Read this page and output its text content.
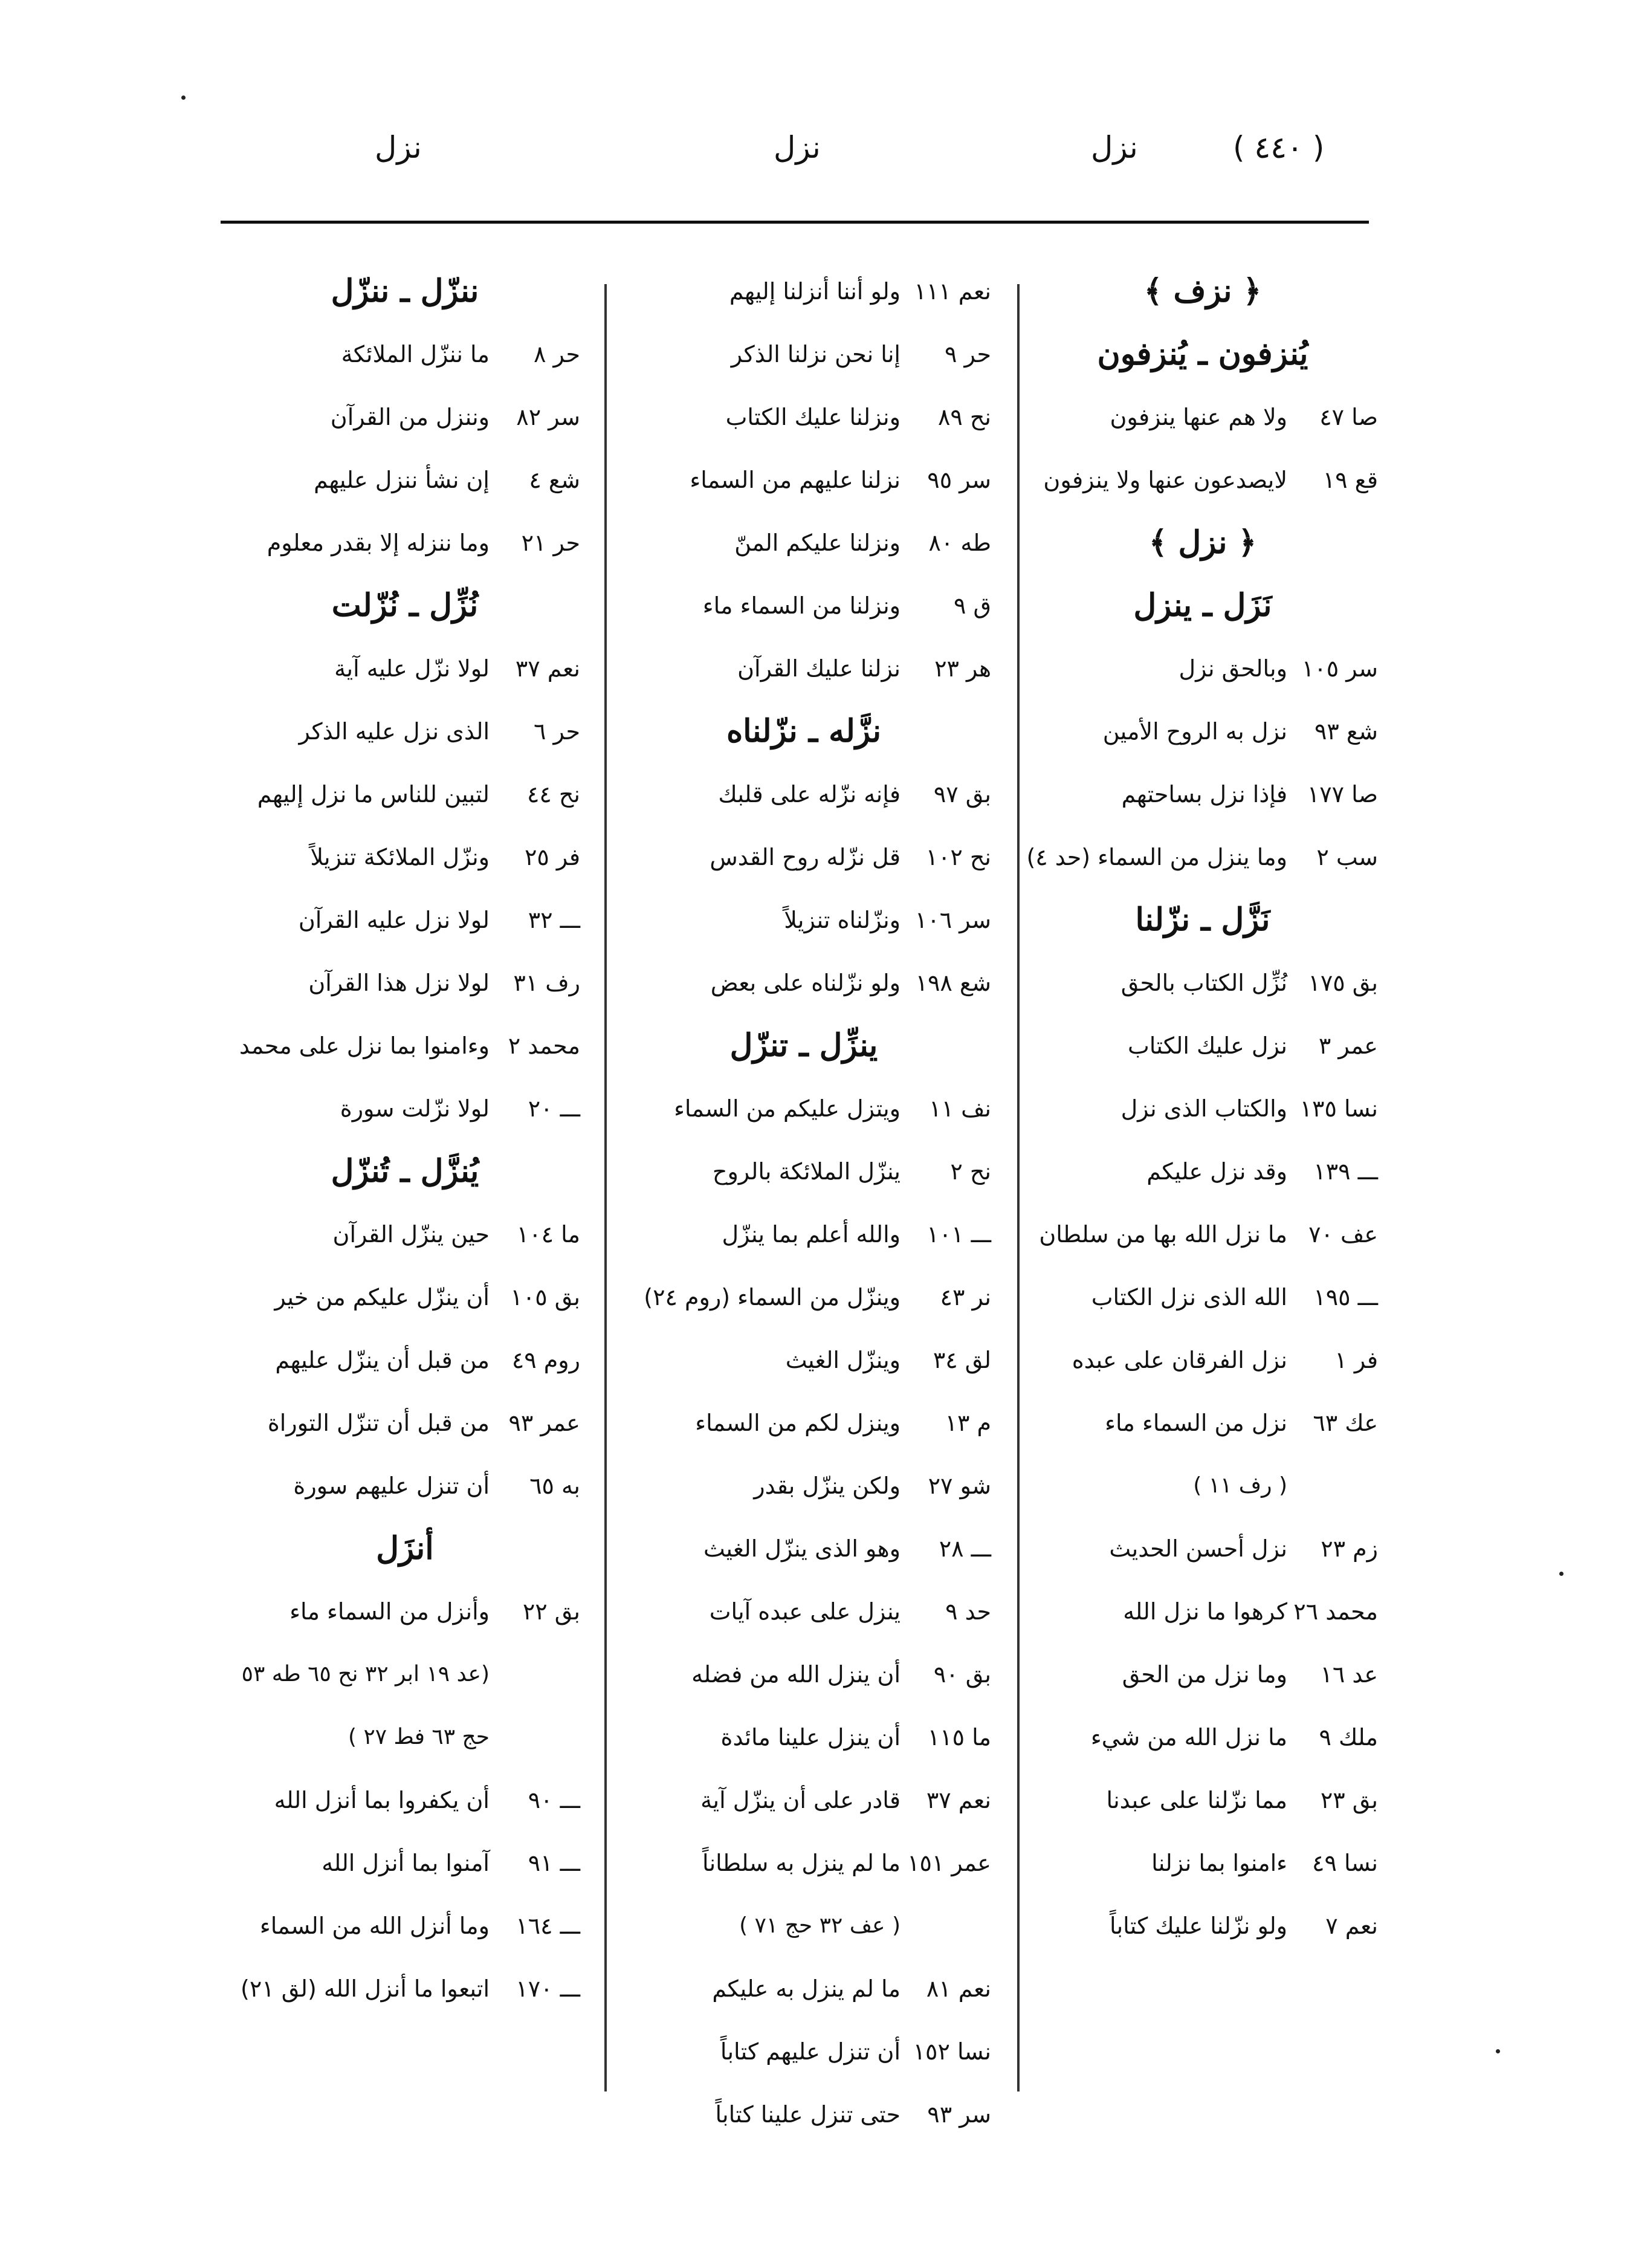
( ٤٤٠ )
نزل
نزل
نزل
﴿ نزف ﴾
يُنزفون ـ يُنزفون
صا ٤٧ولا هم عنها ينزفون
قع ١٩لايصدعون عنها ولا ينزفون
﴿ نزل ﴾
نَزَل ـ ينزل
سر ١٠٥وبالحق نزل
شع ٩٣نزل به الروح الأمين
صا ١٧٧فإذا نزل بساحتهم
سب ٢وما ينزل من السماء (حد ٤)
نَزَّل ـ نزّلنا
بق ١٧٥نُزِّل الكتاب بالحق
عمر ٣نزل عليك الكتاب
نسا ١٣٥والكتاب الذى نزل
ـــ ١٣٩وقد نزل عليكم
عف ٧٠ما نزل الله بها من سلطان
ـــ ١٩٥الله الذى نزل الكتاب
فر ١نزل الفرقان على عبده
عك ٦٣نزل من السماء ماء
( رف ١١ )
زم ٢٣نزل أحسن الحديث
محمد ٢٦كرهوا ما نزل الله
عد ١٦وما نزل من الحق
ملك ٩ما نزل الله من شيء
بق ٢٣مما نزّلنا على عبدنا
نسا ٤٩ءامنوا بما نزلنا
نعم ٧ولو نزّلنا عليك كتاباً
نعم ١١١ولو أننا أنزلنا إليهم
حر ٩إنا نحن نزلنا الذكر
نح ٨٩ونزلنا عليك الكتاب
سر ٩٥نزلنا عليهم من السماء
طه ٨٠ونزلنا عليكم المنّ
ق ٩ونزلنا من السماء ماء
هر ٢٣نزلنا عليك القرآن
نزَّله ـ نزّلناه
بق ٩٧فإنه نزّله على قلبك
نح ١٠٢قل نزّله روح القدس
سر ١٠٦ونزّلناه تنزيلاً
شع ١٩٨ولو نزّلناه على بعض
ينزِّل ـ تنزّل
نف ١١ويتزل عليكم من السماء
نح ٢ينزّل الملائكة بالروح
ـــ ١٠١والله أعلم بما ينزّل
نر ٤٣وينزّل من السماء (روم ٢٤)
لق ٣٤وينزّل الغيث
م ١٣وينزل لكم من السماء
شو ٢٧ولكن ينزّل بقدر
ـــ ٢٨وهو الذى ينزّل الغيث
حد ٩ينزل على عبده آيات
بق ٩٠أن ينزل الله من فضله
ما ١١٥أن ينزل علينا مائدة
نعم ٣٧قادر على أن ينزّل آية
عمر ١٥١ما لم ينزل به سلطاناً
( عف ٣٢ حج ٧١ )
نعم ٨١ما لم ينزل به عليكم
نسا ١٥٢أن تنزل عليهم كتاباً
سر ٩٣حتى تنزل علينا كتاباً
ننزّل ـ ننزّل
حر ٨ما ننزّل الملائكة
سر ٨٢وننزل من القرآن
شع ٤إن نشأ ننزل عليهم
حر ٢١وما ننزله إلا بقدر معلوم
نُزِّل ـ نُزّلت
نعم ٣٧لولا نزّل عليه آية
حر ٦الذى نزل عليه الذكر
نح ٤٤لتبين للناس ما نزل إليهم
فر ٢٥ونزّل الملائكة تنزيلاً
ـــ ٣٢لولا نزل عليه القرآن
رف ٣١لولا نزل هذا القرآن
محمد ٢وءامنوا بما نزل على محمد
ـــ ٢٠لولا نزّلت سورة
يُنزَّل ـ تُنزّل
ما ١٠٤حين ينزّل القرآن
بق ١٠٥أن ينزّل عليكم من خير
روم ٤٩من قبل أن ينزّل عليهم
عمر ٩٣من قبل أن تنزّل التوراة
به ٦٥أن تنزل عليهم سورة
أنزَل
بق ٢٢وأنزل من السماء ماء
(عد ١٩ ابر ٣٢ نح ٦٥ طه ٥٣
حج ٦٣ فط ٢٧ )
ـــ ٩٠أن يكفروا بما أنزل الله
ـــ ٩١آمنوا بما أنزل الله
ـــ ١٦٤وما أنزل الله من السماء
ـــ ١٧٠اتبعوا ما أنزل الله (لق ٢١)
